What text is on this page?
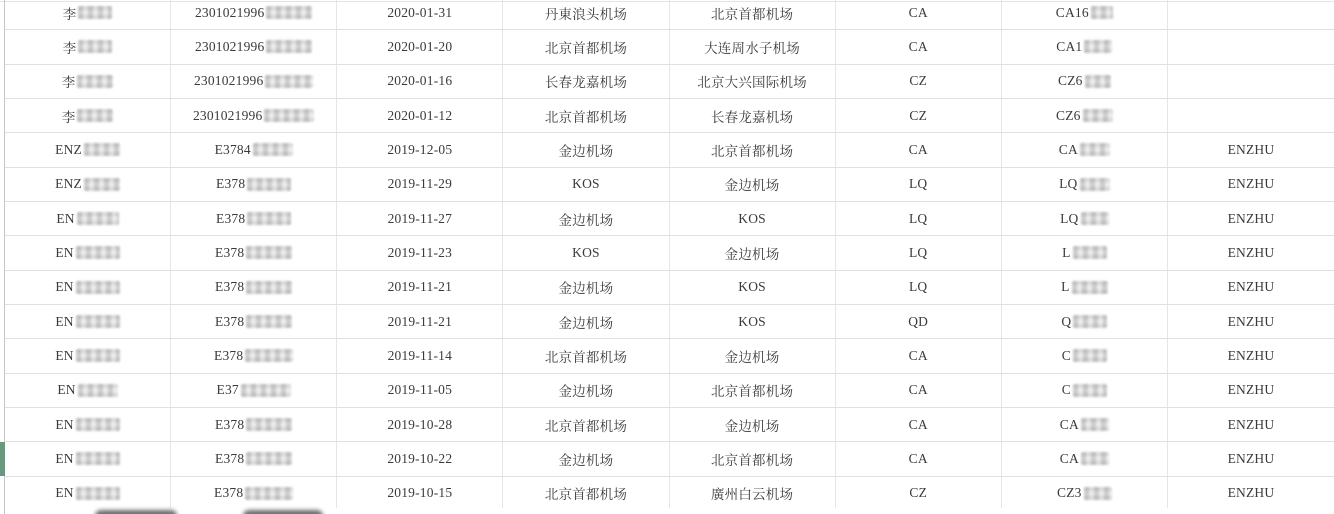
李	2301021996	2020-01-31	丹東浪头机场	北京首都机场	CA	CA16
李	2301021996	2020-01-20	北京首都机场	大连周水子机场	CA	CA1
李	2301021996	2020-01-16	长春龙嘉机场	北京大兴国际机场	CZ	CZ6
李	2301021996	2020-01-12	北京首都机场	长春龙嘉机场	CZ	CZ6
ENZ	E3784	2019-12-05	金边机场	北京首都机场	CA	CA	ENZHU
ENZ	E378	2019-11-29	KOS	金边机场	LQ	LQ	ENZHU
EN	E378	2019-11-27	金边机场	KOS	LQ	LQ	ENZHU
EN	E378	2019-11-23	KOS	金边机场	LQ	L	ENZHU
EN	E378	2019-11-21	金边机场	KOS	LQ	L	ENZHU
EN	E378	2019-11-21	金边机场	KOS	QD	Q	ENZHU
EN	E378	2019-11-14	北京首都机场	金边机场	CA	C	ENZHU
EN	E37	2019-11-05	金边机场	北京首都机场	CA	C	ENZHU
EN	E378	2019-10-28	北京首都机场	金边机场	CA	CA	ENZHU
EN	E378	2019-10-22	金边机场	北京首都机场	CA	CA	ENZHU
EN	E378	2019-10-15	北京首都机场	廣州白云机场	CZ	CZ3	ENZHU
